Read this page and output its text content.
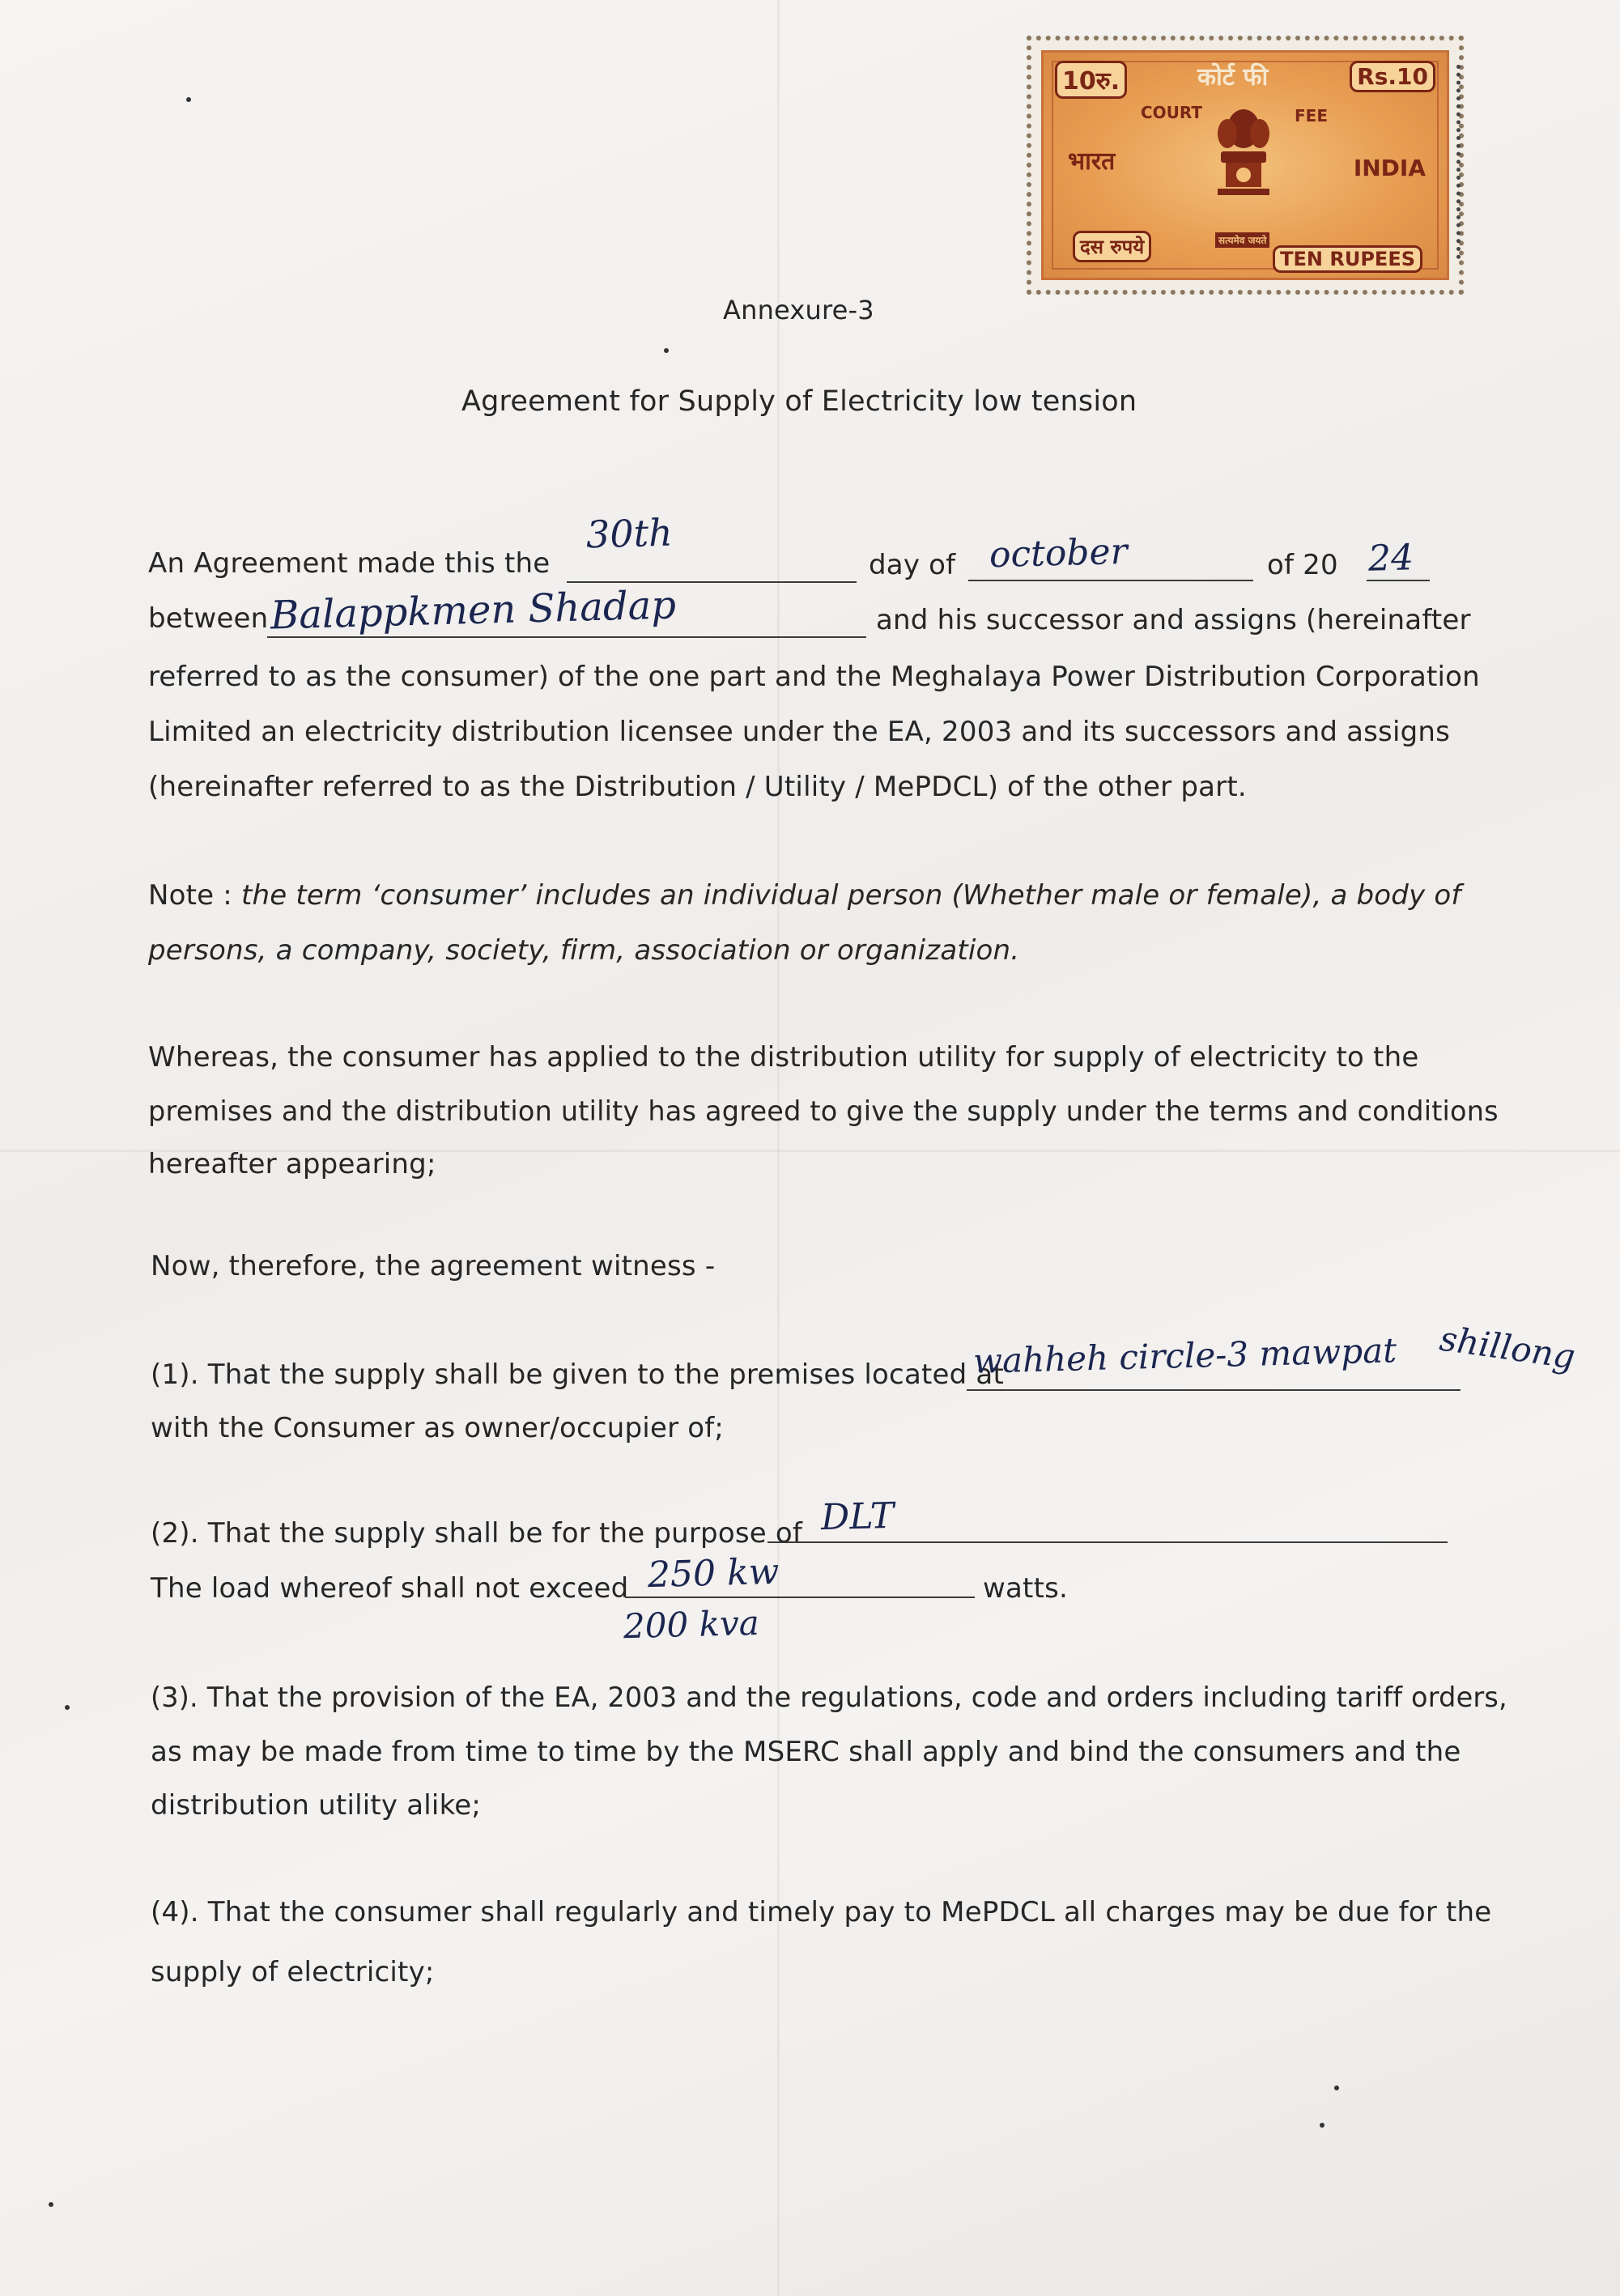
10रु.	कोर्ट फी	Rs.10
COURT	FEE
भारत	INDIA
सत्यमेव जयते
दस रुपये
TEN RUPEES
Annexure-3
Agreement for Supply of Electricity low tension
An Agreement made this the
30th
day of october	of 20 24
between Balappkmen Shadap	and his successor and assigns (hereinafter
referred to as the consumer) of the one part and the Meghalaya Power Distribution Corporation
Limited an electricity distribution licensee under the EA, 2003 and its successors and assigns
(hereinafter referred to as the Distribution / Utility / MePDCL) of the other part.
Note : the term ‘consumer’ includes an individual person (Whether male or female), a body of
persons, a company, society, firm, association or organization.
Whereas, the consumer has applied to the distribution utility for supply of electricity to the
premises and the distribution utility has agreed to give the supply under the terms and conditions
hereafter appearing;
Now, therefore, the agreement witness -
(1). That the supply shall be given to the premises located at
wahheh circle-3 mawpat shillong
with the Consumer as owner/occupier of;
(2). That the supply shall be for the purpose of DLT
The load whereof shall not exceed 250 kw	watts.
200 kva
(3). That the provision of the EA, 2003 and the regulations, code and orders including tariff orders,
as may be made from time to time by the MSERC shall apply and bind the consumers and the
distribution utility alike;
(4). That the consumer shall regularly and timely pay to MePDCL all charges may be due for the
supply of electricity;
